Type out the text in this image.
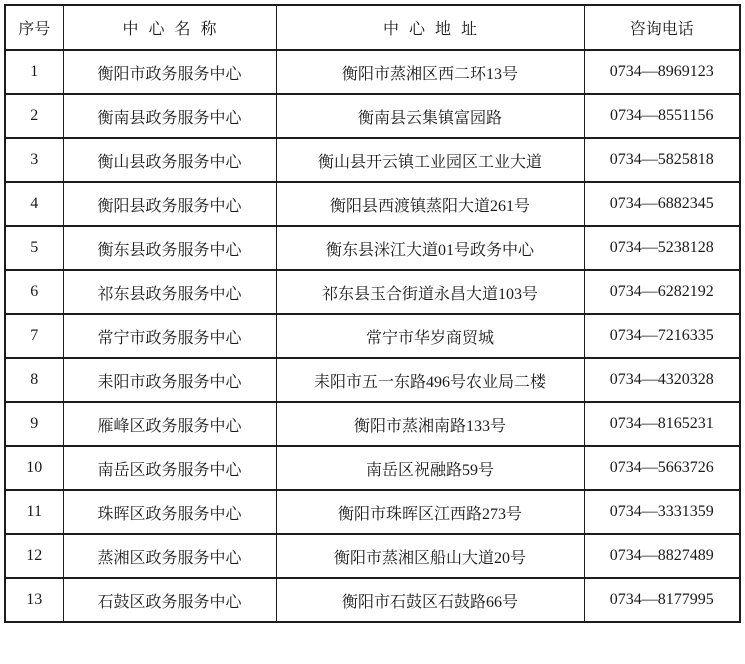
序号	中 心 名 称	中 心 地 址	咨询电话
1	衡阳市政务服务中心	衡阳市蒸湘区西二环13号	0734—8969123
2	衡南县政务服务中心	衡南县云集镇富园路	0734—8551156
3	衡山县政务服务中心	衡山县开云镇工业园区工业大道	0734—5825818
4	衡阳县政务服务中心	衡阳县西渡镇蒸阳大道261号	0734—6882345
5	衡东县政务服务中心	衡东县洣江大道01号政务中心	0734—5238128
6	祁东县政务服务中心	祁东县玉合街道永昌大道103号	0734—6282192
7	常宁市政务服务中心	常宁市华岁商贸城	0734—7216335
8	耒阳市政务服务中心	耒阳市五一东路496号农业局二楼	0734—4320328
9	雁峰区政务服务中心	衡阳市蒸湘南路133号	0734—8165231
10	南岳区政务服务中心	南岳区祝融路59号	0734—5663726
11	珠晖区政务服务中心	衡阳市珠晖区江西路273号	0734—3331359
12	蒸湘区政务服务中心	衡阳市蒸湘区船山大道20号	0734—8827489
13	石鼓区政务服务中心	衡阳市石鼓区石鼓路66号	0734—8177995
